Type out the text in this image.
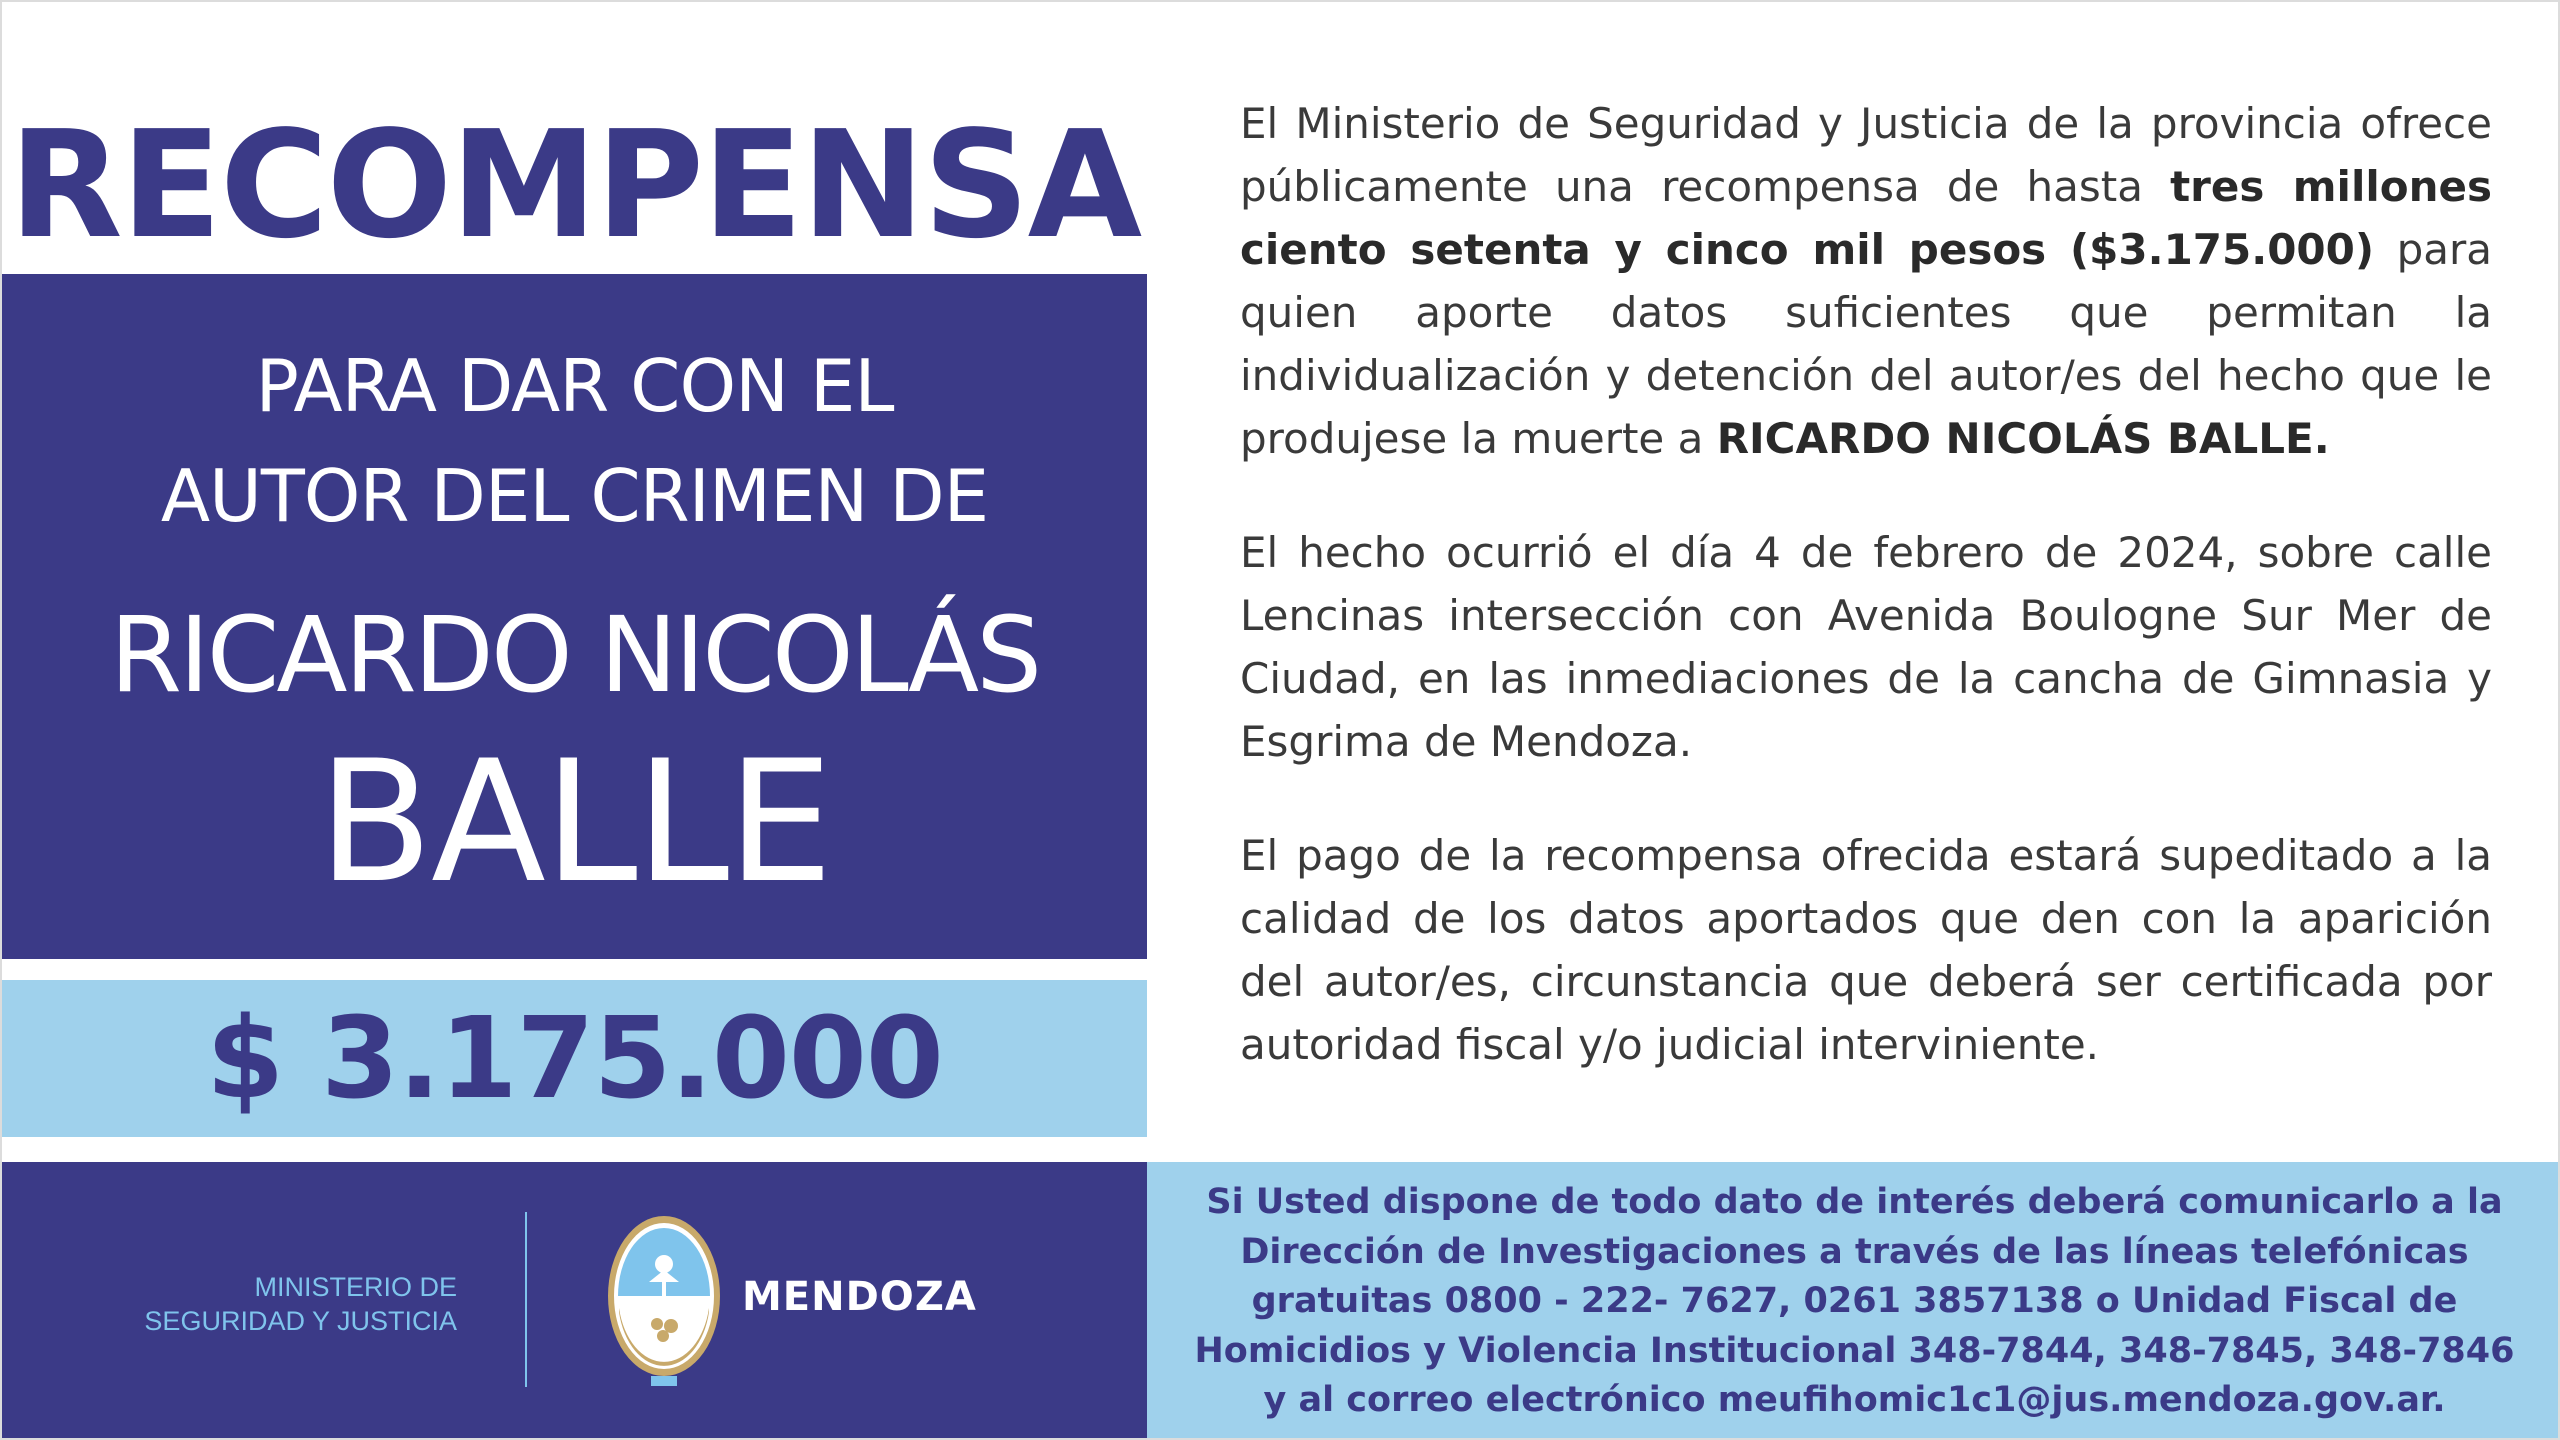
RECOMPENSA
PARA DAR CON EL
AUTOR DEL CRIMEN DE
RICARDO NICOLÁS
BALLE
$ 3.175.000

El Ministerio de Seguridad y Justicia de la provincia ofrece públicamente una recompensa de hasta tres millones ciento setenta y cinco mil pesos ($3.175.000) para quien aporte datos suficientes que permitan la individualización y detención del autor/es del hecho que le produjese la muerte a RICARDO NICOLÁS BALLE.

El hecho ocurrió el día 4 de febrero de 2024, sobre calle Lencinas intersección con Avenida Boulogne Sur Mer de Ciudad, en las inmediaciones de la cancha de Gimnasia y Esgrima de Mendoza.

El pago de la recompensa ofrecida estará supeditado a la calidad de los datos aportados que den con la aparición del autor/es, circunstancia que deberá ser certificada por autoridad fiscal y/o judicial interviniente.

MINISTERIO DE
SEGURIDAD Y JUSTICIA
MENDOZA
Si Usted dispone de todo dato de interés deberá comunicarlo a la
Dirección de Investigaciones a través de las líneas telefónicas
gratuitas 0800 - 222- 7627, 0261 3857138 o Unidad Fiscal de
Homicidios y Violencia Institucional 348-7844, 348-7845, 348-7846
y al correo electrónico meufihomic1c1@jus.mendoza.gov.ar.
